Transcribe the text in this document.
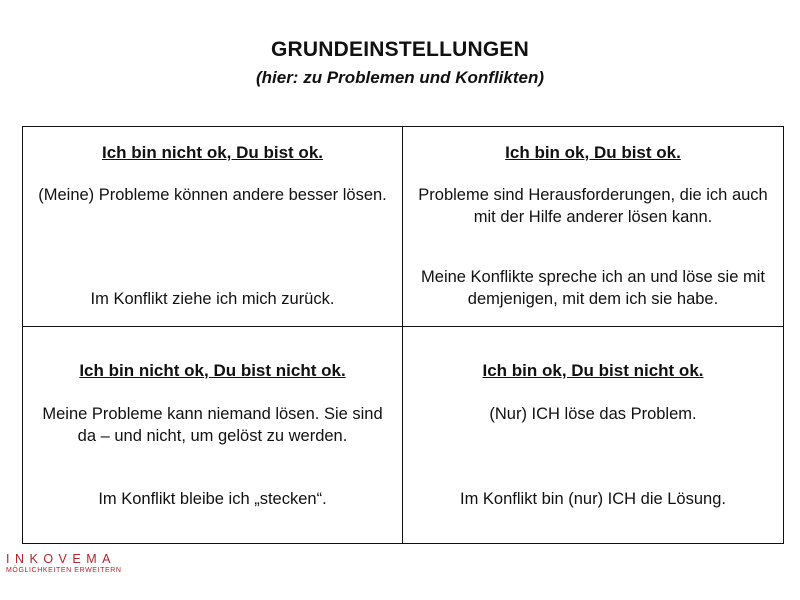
GRUNDEINSTELLUNGEN
(hier: zu Problemen und Konflikten)
Ich bin nicht ok, Du bist ok.
(Meine) Probleme können andere besser lösen.
Im Konflikt ziehe ich mich zurück.
Ich bin ok, Du bist ok.
Probleme sind Herausforderungen, die ich auch mit der Hilfe anderer lösen kann.
Meine Konflikte spreche ich an und löse sie mit demjenigen, mit dem ich sie habe.
Ich bin nicht ok, Du bist nicht ok.
Meine Probleme kann niemand lösen. Sie sind da – und nicht, um gelöst zu werden.
Im Konflikt bleibe ich „stecken“.
Ich bin ok, Du bist nicht ok.
(Nur) ICH löse das Problem.
Im Konflikt bin (nur) ICH die Lösung.
INKOVEMA
MÖGLICHKEITEN ERWEITERN
